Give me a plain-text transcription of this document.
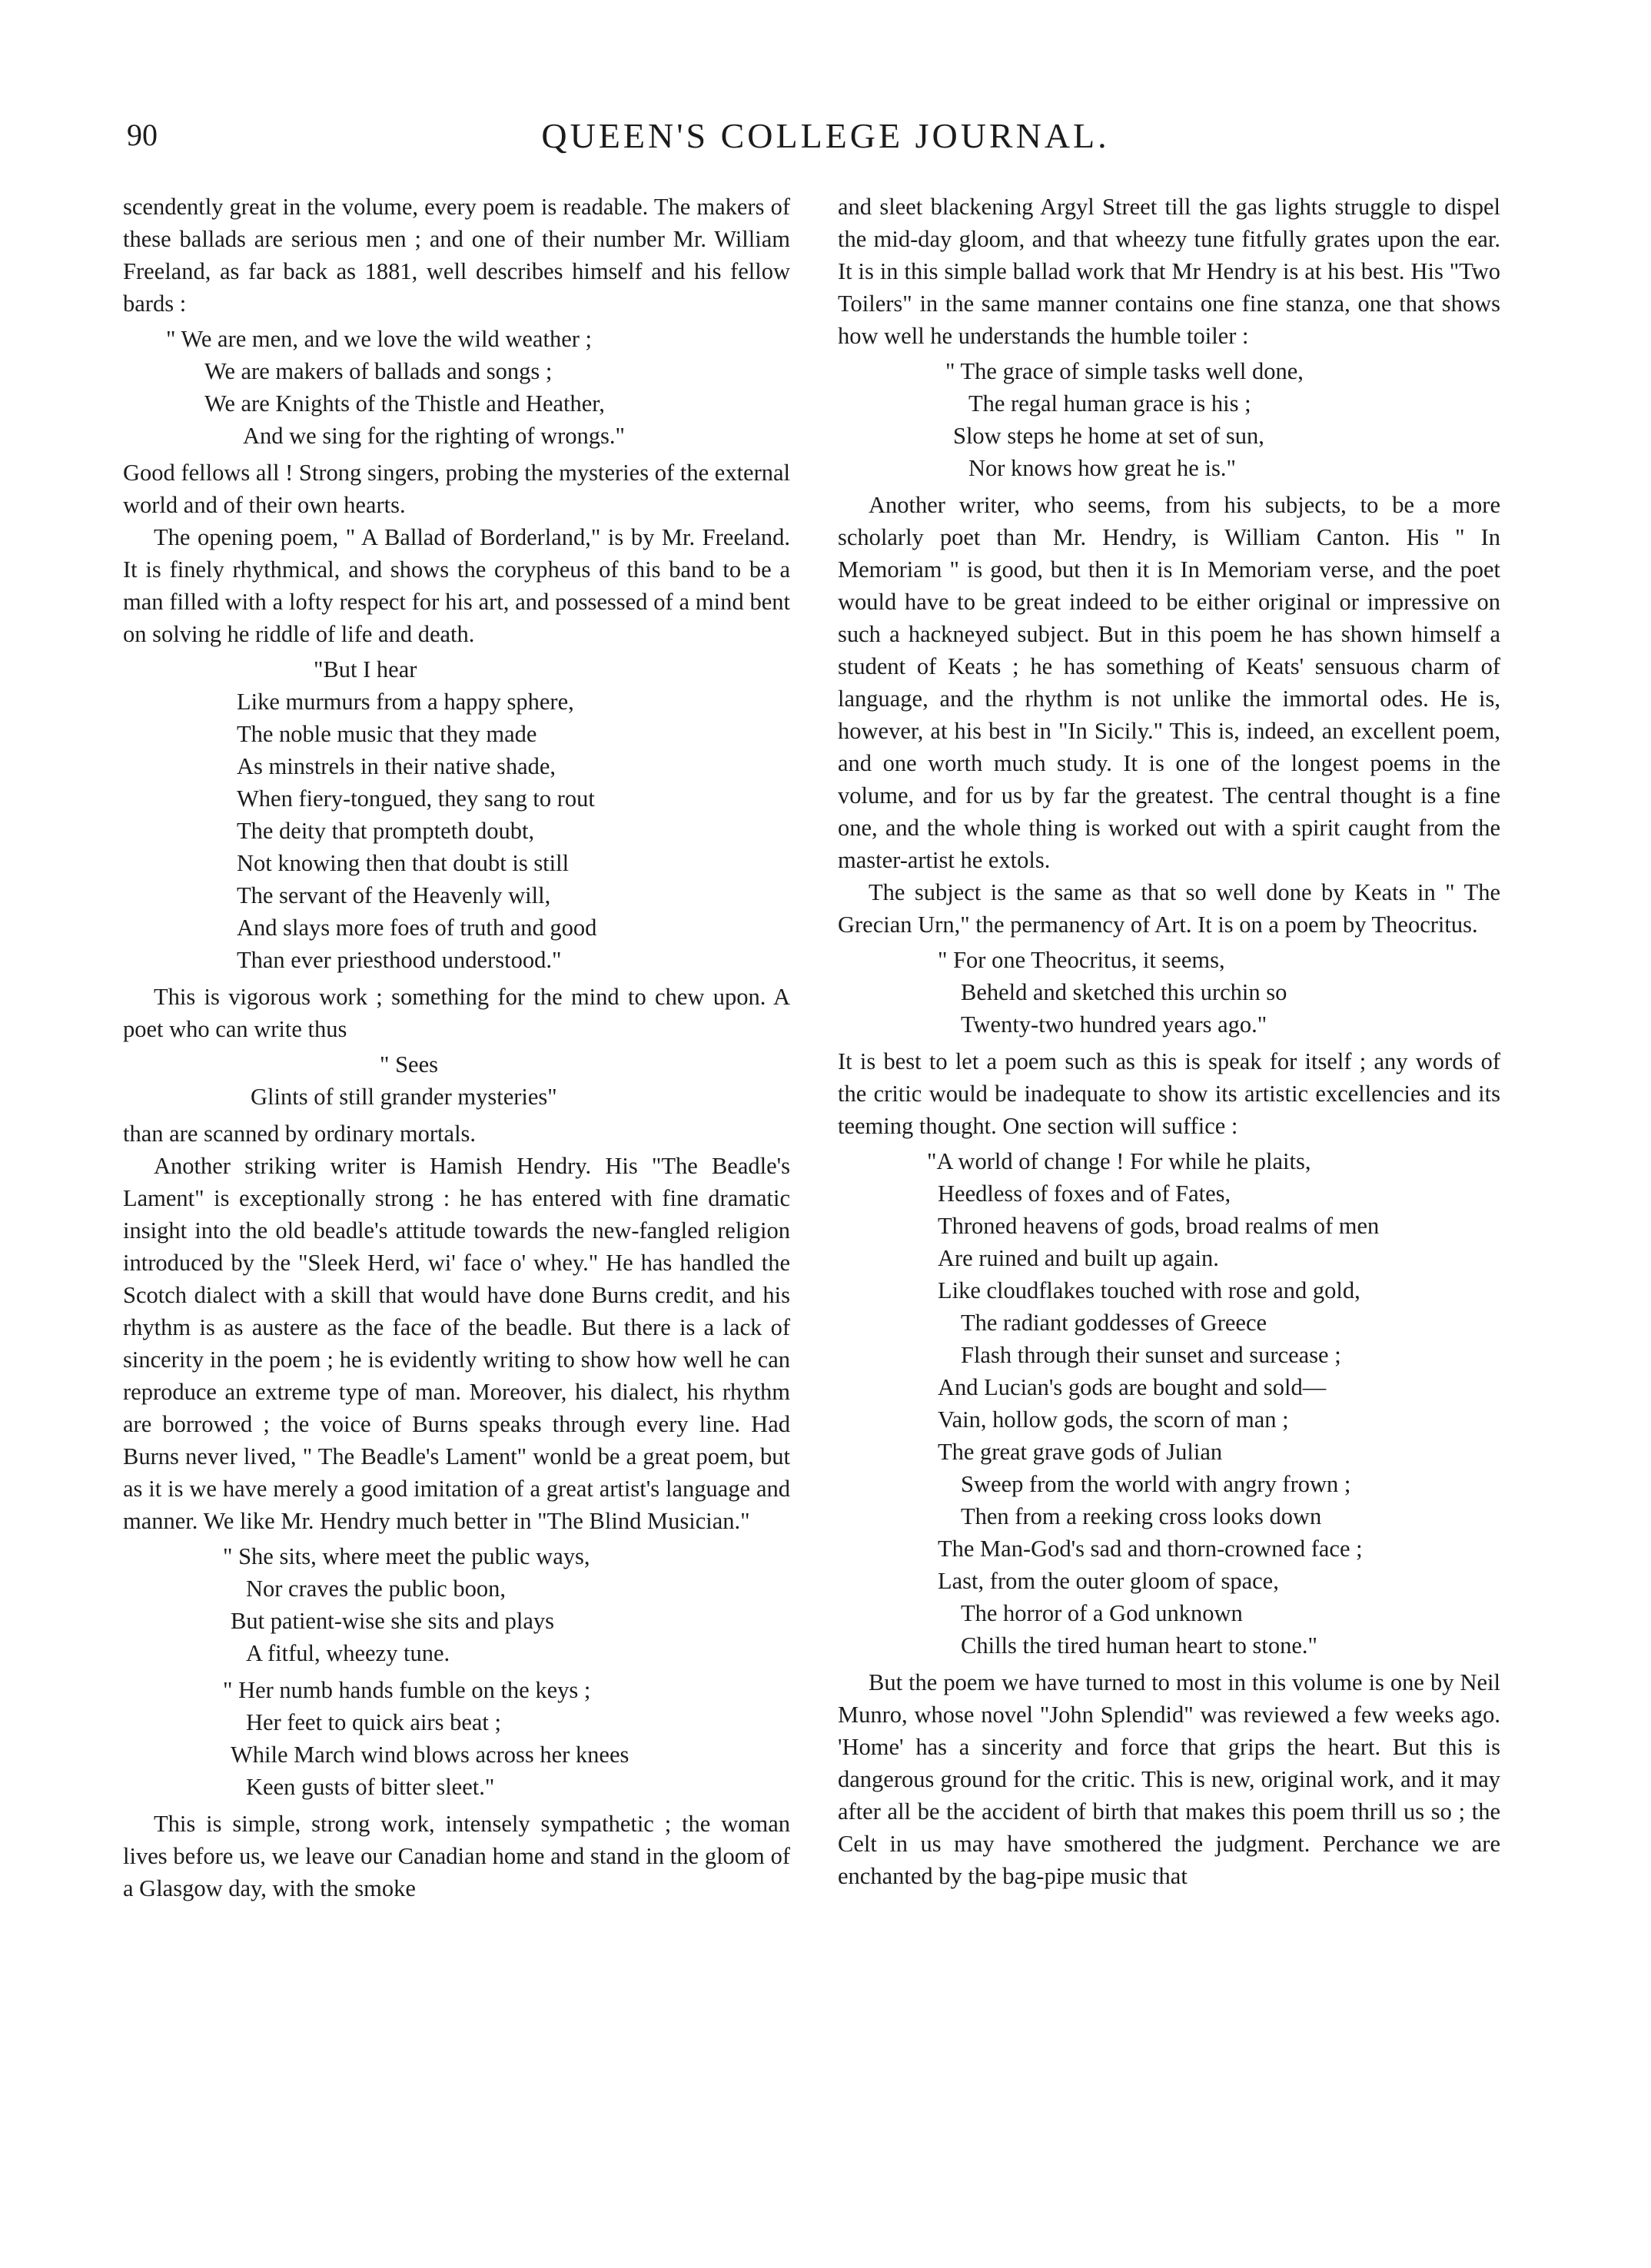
90	QUEEN'S COLLEGE JOURNAL.

scendently great in the volume, every poem is readable. The makers of these ballads are serious men ; and one of their number Mr. William Freeland, as far back as 1881, well describes himself and his fellow bards :

" We are men, and we love the wild weather ;
We are makers of ballads and songs ;
We are Knights of the Thistle and Heather,
And we sing for the righting of wrongs."

Good fellows all ! Strong singers, probing the mysteries of the external world and of their own hearts.

The opening poem, " A Ballad of Borderland," is by Mr. Freeland. It is finely rhythmical, and shows the corypheus of this band to be a man filled with a lofty respect for his art, and possessed of a mind bent on solving he riddle of life and death.

"But I hear
Like murmurs from a happy sphere,
The noble music that they made
As minstrels in their native shade,
When fiery-tongued, they sang to rout
The deity that prompteth doubt,
Not knowing then that doubt is still
The servant of the Heavenly will,
And slays more foes of truth and good
Than ever priesthood understood."

This is vigorous work ; something for the mind to chew upon. A poet who can write thus

" Sees
Glints of still grander mysteries"

than are scanned by ordinary mortals.

Another striking writer is Hamish Hendry. His "The Beadle's Lament" is exceptionally strong : he has entered with fine dramatic insight into the old beadle's attitude towards the new-fangled religion introduced by the "Sleek Herd, wi' face o' whey." He has handled the Scotch dialect with a skill that would have done Burns credit, and his rhythm is as austere as the face of the beadle. But there is a lack of sincerity in the poem ; he is evidently writing to show how well he can reproduce an extreme type of man. Moreover, his dialect, his rhythm are borrowed ; the voice of Burns speaks through every line. Had Burns never lived, " The Beadle's Lament" wonld be a great poem, but as it is we have merely a good imitation of a great artist's language and manner. We like Mr. Hendry much better in "The Blind Musician."

" She sits, where meet the public ways,
Nor craves the public boon,
But patient-wise she sits and plays
A fitful, wheezy tune.
" Her numb hands fumble on the keys ;
Her feet to quick airs beat ;
While March wind blows across her knees
Keen gusts of bitter sleet."

This is simple, strong work, intensely sympathetic ; the woman lives before us, we leave our Canadian home and stand in the gloom of a Glasgow day, with the smoke

and sleet blackening Argyl Street till the gas lights struggle to dispel the mid-day gloom, and that wheezy tune fitfully grates upon the ear. It is in this simple ballad work that Mr Hendry is at his best. His "Two Toilers" in the same manner contains one fine stanza, one that shows how well he understands the humble toiler :

" The grace of simple tasks well done,
The regal human grace is his ;
Slow steps he home at set of sun,
Nor knows how great he is."

Another writer, who seems, from his subjects, to be a more scholarly poet than Mr. Hendry, is William Canton. His " In Memoriam " is good, but then it is In Memoriam verse, and the poet would have to be great indeed to be either original or impressive on such a hackneyed subject. But in this poem he has shown himself a student of Keats ; he has something of Keats' sensuous charm of language, and the rhythm is not unlike the immortal odes. He is, however, at his best in "In Sicily." This is, indeed, an excellent poem, and one worth much study. It is one of the longest poems in the volume, and for us by far the greatest. The central thought is a fine one, and the whole thing is worked out with a spirit caught from the master-artist he extols.

The subject is the same as that so well done by Keats in " The Grecian Urn," the permanency of Art. It is on a poem by Theocritus.

" For one Theocritus, it seems,
Beheld and sketched this urchin so
Twenty-two hundred years ago."

It is best to let a poem such as this is speak for itself ; any words of the critic would be inadequate to show its artistic excellencies and its teeming thought. One section will suffice :

"A world of change ! For while he plaits,
Heedless of foxes and of Fates,
Throned heavens of gods, broad realms of men
Are ruined and built up again.
Like cloudflakes touched with rose and gold,
The radiant goddesses of Greece
Flash through their sunset and surcease ;
And Lucian's gods are bought and sold—
Vain, hollow gods, the scorn of man ;
The great grave gods of Julian
Sweep from the world with angry frown ;
Then from a reeking cross looks down
The Man-God's sad and thorn-crowned face ;
Last, from the outer gloom of space,
The horror of a God unknown
Chills the tired human heart to stone."

But the poem we have turned to most in this volume is one by Neil Munro, whose novel "John Splendid" was reviewed a few weeks ago. 'Home' has a sincerity and force that grips the heart. But this is dangerous ground for the critic. This is new, original work, and it may after all be the accident of birth that makes this poem thrill us so ; the Celt in us may have smothered the judgment. Perchance we are enchanted by the bag-pipe music that
